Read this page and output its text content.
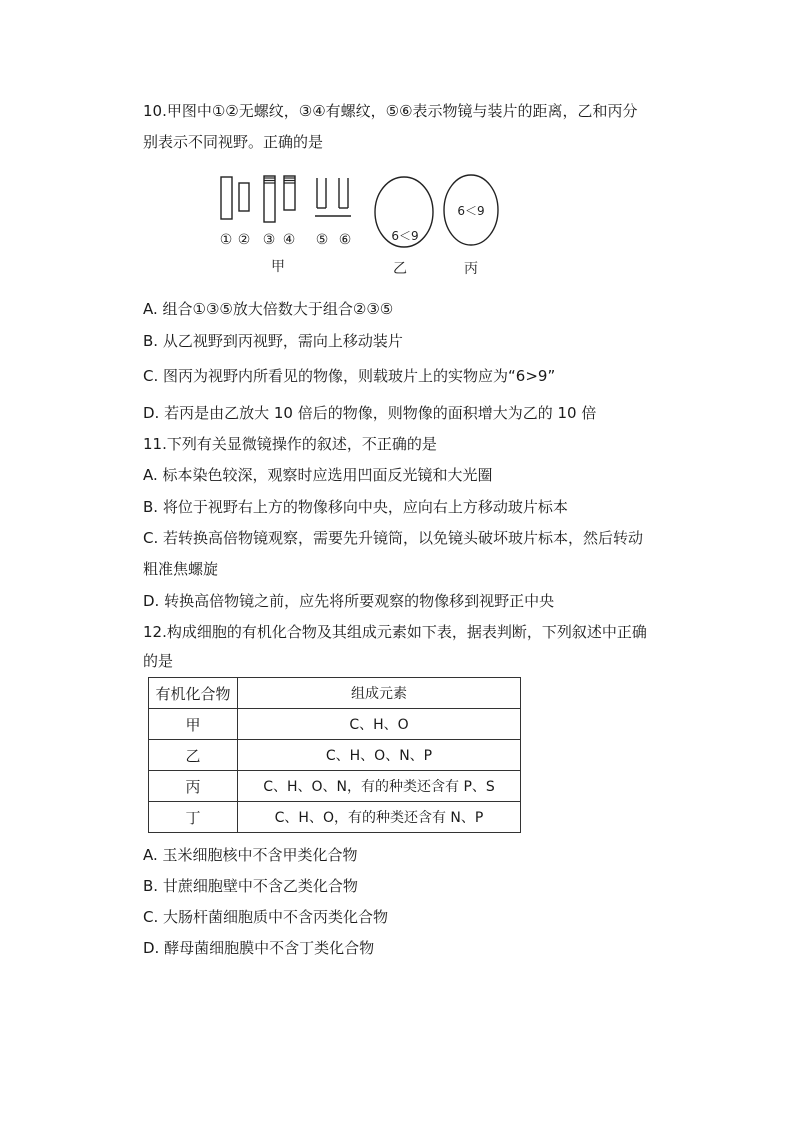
10.甲图中①②无螺纹，③④有螺纹，⑤⑥表示物镜与装片的距离，乙和丙分
别表示不同视野。正确的是
① ② ③ ④ ⑤ ⑥
甲
6＜9
乙
6＜9
丙
A. 组合①③⑤放大倍数大于组合②③⑤
B. 从乙视野到丙视野，需向上移动装片
C. 图丙为视野内所看见的物像，则载玻片上的实物应为“6>9”
D. 若丙是由乙放大 10 倍后的物像，则物像的面积增大为乙的 10 倍
11.下列有关显微镜操作的叙述，不正确的是
A. 标本染色较深，观察时应选用凹面反光镜和大光圈
B. 将位于视野右上方的物像移向中央，应向右上方移动玻片标本
C. 若转换高倍物镜观察，需要先升镜筒，以免镜头破坏玻片标本，然后转动
粗准焦螺旋
D. 转换高倍物镜之前，应先将所要观察的物像移到视野正中央
12.构成细胞的有机化合物及其组成元素如下表，据表判断，下列叙述中正确
的是
有机化合物	组成元素
甲	C、H、O
乙	C、H、O、N、P
丙	C、H、O、N，有的种类还含有 P、S
丁	C、H、O，有的种类还含有 N、P
A. 玉米细胞核中不含甲类化合物
B. 甘蔗细胞壁中不含乙类化合物
C. 大肠杆菌细胞质中不含丙类化合物
D. 酵母菌细胞膜中不含丁类化合物
